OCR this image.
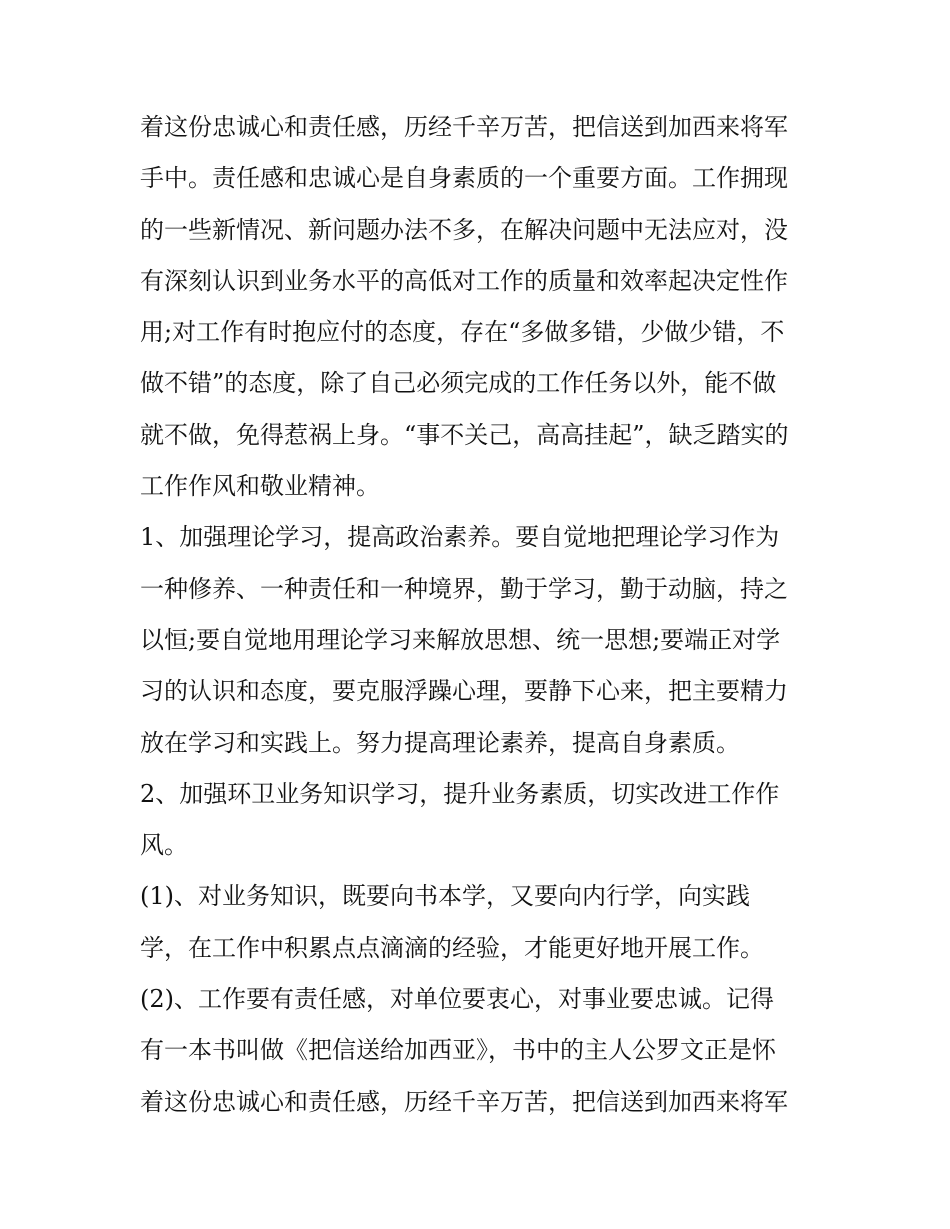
着这份忠诚心和责任感，历经千辛万苦，把信送到加西来将军
手中。责任感和忠诚心是自身素质的一个重要方面。工作拥现
的一些新情况、新问题办法不多，在解决问题中无法应对，没
有深刻认识到业务水平的高低对工作的质量和效率起决定性作
用;对工作有时抱应付的态度，存在“多做多错，少做少错，不
做不错”的态度，除了自己必须完成的工作任务以外，能不做
就不做，免得惹祸上身。“事不关己，高高挂起”，缺乏踏实的
工作作风和敬业精神。
1、加强理论学习，提高政治素养。要自觉地把理论学习作为
一种修养、一种责任和一种境界，勤于学习，勤于动脑，持之
以恒;要自觉地用理论学习来解放思想、统一思想;要端正对学
习的认识和态度，要克服浮躁心理，要静下心来，把主要精力
放在学习和实践上。努力提高理论素养，提高自身素质。
2、加强环卫业务知识学习，提升业务素质，切实改进工作作
风。
(1)、对业务知识，既要向书本学，又要向内行学，向实践
学，在工作中积累点点滴滴的经验，才能更好地开展工作。
(2)、工作要有责任感，对单位要衷心，对事业要忠诚。记得
有一本书叫做《把信送给加西亚》，书中的主人公罗文正是怀
着这份忠诚心和责任感，历经千辛万苦，把信送到加西来将军
